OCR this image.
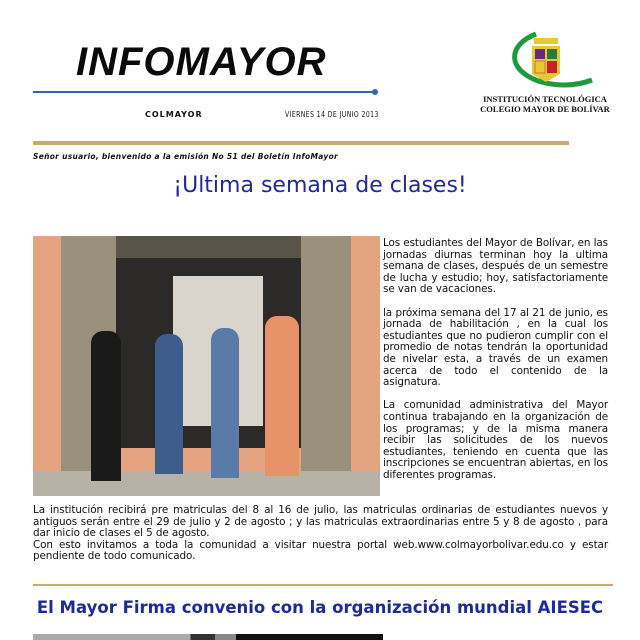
INFOMAYOR
COLMAYOR	VIERNES 14 DE JUNIO 2013
INSTITUCIÓN TECNOLÓGICA
COLEGIO MAYOR DE BOLÍVAR
Señor usuario, bienvenido a la emisión No 51 del Boletín InfoMayor
¡Ultima semana de clases!

Los estudiantes del Mayor de Bolívar, en las jornadas diurnas terminan hoy la ultima semana de clases, después de un semestre de lucha y estudio; hoy, satisfactoriamente se van de vacaciones.

la próxima semana del 17 al 21 de junio, es jornada de habilitación , en la cual los estudiantes que no pudieron cumplir con el promedio de notas tendrán la oportunidad de nivelar esta, a través de un examen acerca de todo el contenido de la asignatura.

La comunidad administrativa del Mayor continua trabajando en la organización de los programas; y de la misma manera recibir las solicitudes de los nuevos estudiantes, teniendo en cuenta que las inscripciones se encuentran abiertas, en los diferentes programas.

La institución recibirá pre matriculas del 8 al 16 de julio, las matriculas ordinarias de estudiantes nuevos y antiguos serán entre el 29 de julio y 2 de agosto ; y las matriculas extraordinarias entre 5 y 8 de agosto , para dar inicio de clases el 5 de agosto.

Con esto invitamos a toda la comunidad a visitar nuestra portal web.www.colmayorbolivar.edu.co y estar pendiente de todo comunicado.

El Mayor Firma convenio con la organización mundial AIESEC
